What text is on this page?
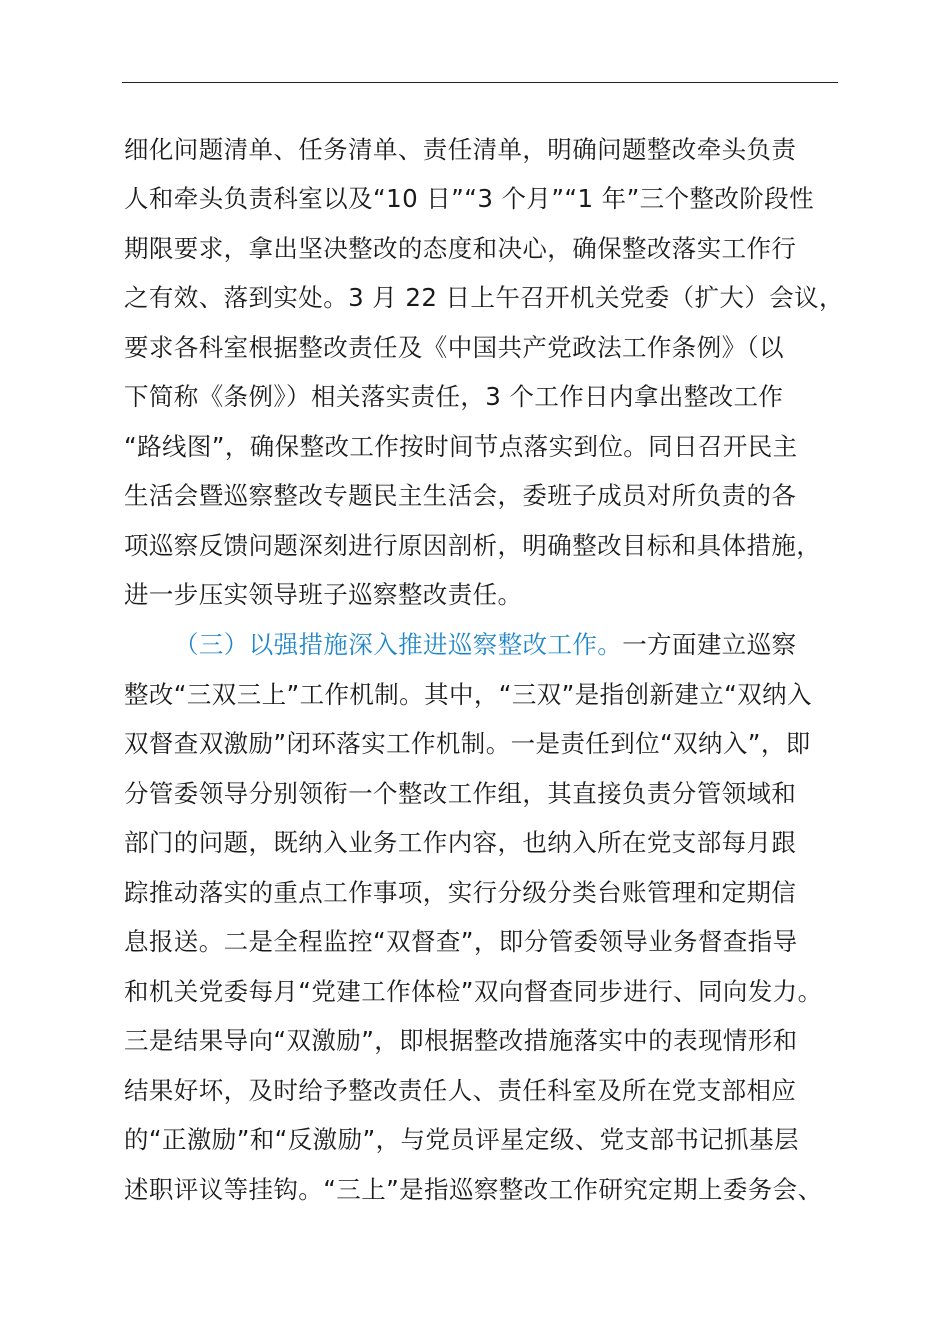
细化问题清单、任务清单、责任清单，明确问题整改牵头负责
人和牵头负责科室以及“10 日”“3 个月”“1 年”三个整改阶段性
期限要求，拿出坚决整改的态度和决心，确保整改落实工作行
之有效、落到实处。3 月 22 日上午召开机关党委（扩大）会议，
要求各科室根据整改责任及《中国共产党政法工作条例》（以
下简称《条例》）相关落实责任，3 个工作日内拿出整改工作
“路线图”，确保整改工作按时间节点落实到位。同日召开民主
生活会暨巡察整改专题民主生活会，委班子成员对所负责的各
项巡察反馈问题深刻进行原因剖析，明确整改目标和具体措施，
进一步压实领导班子巡察整改责任。
（三）以强措施深入推进巡察整改工作。一方面建立巡察
整改“三双三上”工作机制。其中，“三双”是指创新建立“双纳入
双督查双激励”闭环落实工作机制。一是责任到位“双纳入”，即
分管委领导分别领衔一个整改工作组，其直接负责分管领域和
部门的问题，既纳入业务工作内容，也纳入所在党支部每月跟
踪推动落实的重点工作事项，实行分级分类台账管理和定期信
息报送。二是全程监控“双督查”，即分管委领导业务督查指导
和机关党委每月“党建工作体检”双向督查同步进行、同向发力。
三是结果导向“双激励”，即根据整改措施落实中的表现情形和
结果好坏，及时给予整改责任人、责任科室及所在党支部相应
的“正激励”和“反激励”，与党员评星定级、党支部书记抓基层
述职评议等挂钩。“三上”是指巡察整改工作研究定期上委务会、
